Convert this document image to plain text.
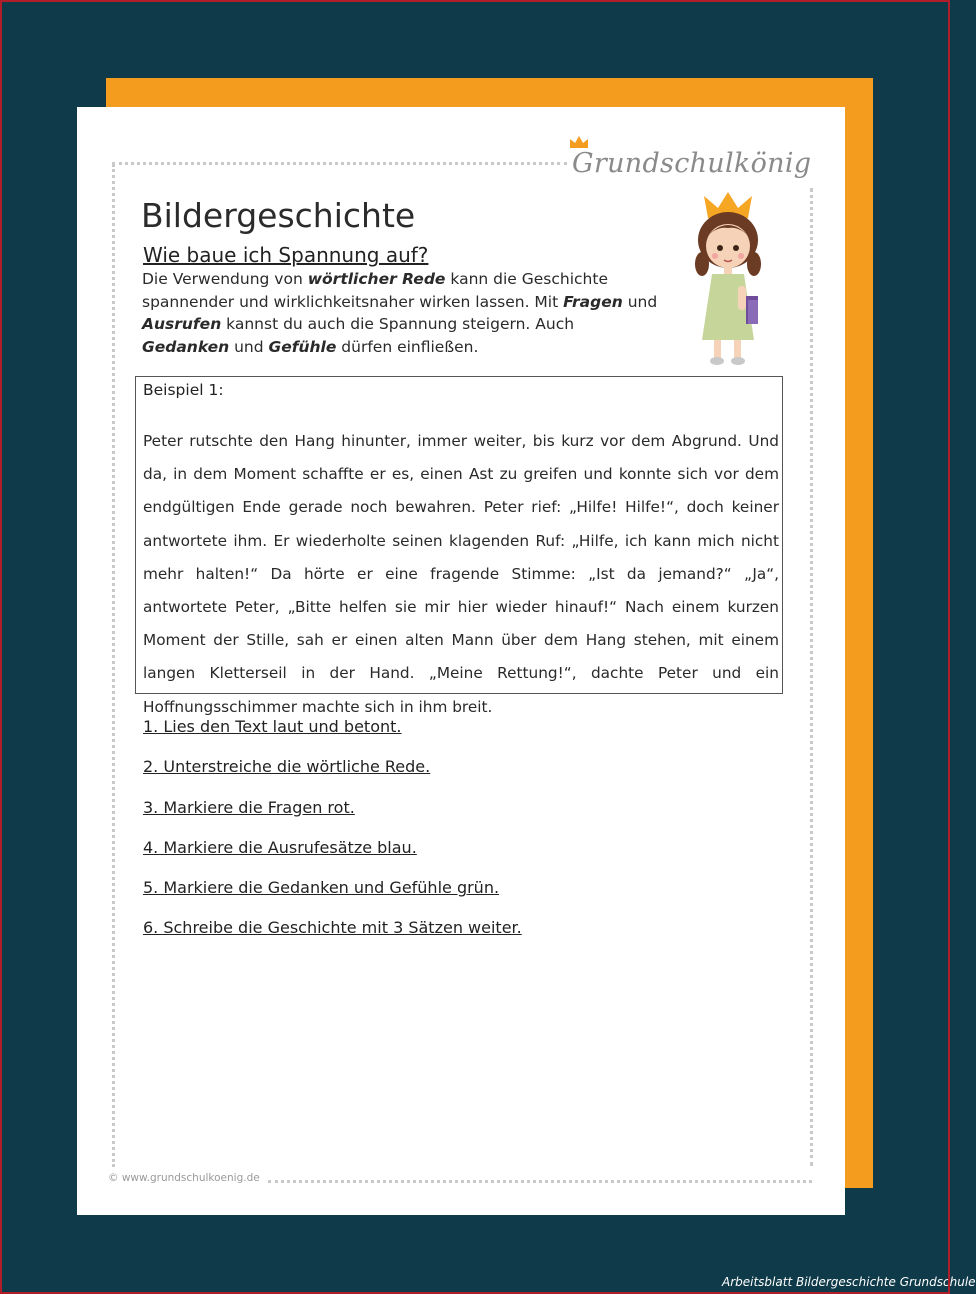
Grundschulkönig
Bildergeschichte
Wie baue ich Spannung auf?
Die Verwendung von wörtlicher Rede kann die Geschichte spannender und wirklichkeitsnaher wirken lassen. Mit Fragen und Ausrufen kannst du auch die Spannung steigern. Auch Gedanken und Gefühle dürfen einfließen.
Beispiel 1:
Peter rutschte den Hang hinunter, immer weiter, bis kurz vor dem Abgrund. Und da, in dem Moment schaffte er es, einen Ast zu greifen und konnte sich vor dem endgültigen Ende gerade noch bewahren. Peter rief: „Hilfe! Hilfe!“, doch keiner antwortete ihm. Er wiederholte seinen klagenden Ruf: „Hilfe, ich kann mich nicht mehr halten!“ Da hörte er eine fragende Stimme: „Ist da jemand?“ „Ja“, antwortete Peter, „Bitte helfen sie mir hier wieder hinauf!“ Nach einem kurzen Moment der Stille, sah er einen alten Mann über dem Hang stehen, mit einem langen Kletterseil in der Hand. „Meine Rettung!“, dachte Peter und ein Hoffnungsschimmer machte sich in ihm breit.
1. Lies den Text laut und betont.
2. Unterstreiche die wörtliche Rede.
3. Markiere die Fragen rot.
4. Markiere die Ausrufesätze blau.
5. Markiere die Gedanken und Gefühle grün.
6. Schreibe die Geschichte mit 3 Sätzen weiter.
© www.grundschulkoenig.de
Arbeitsblatt Bildergeschichte Grundschule
